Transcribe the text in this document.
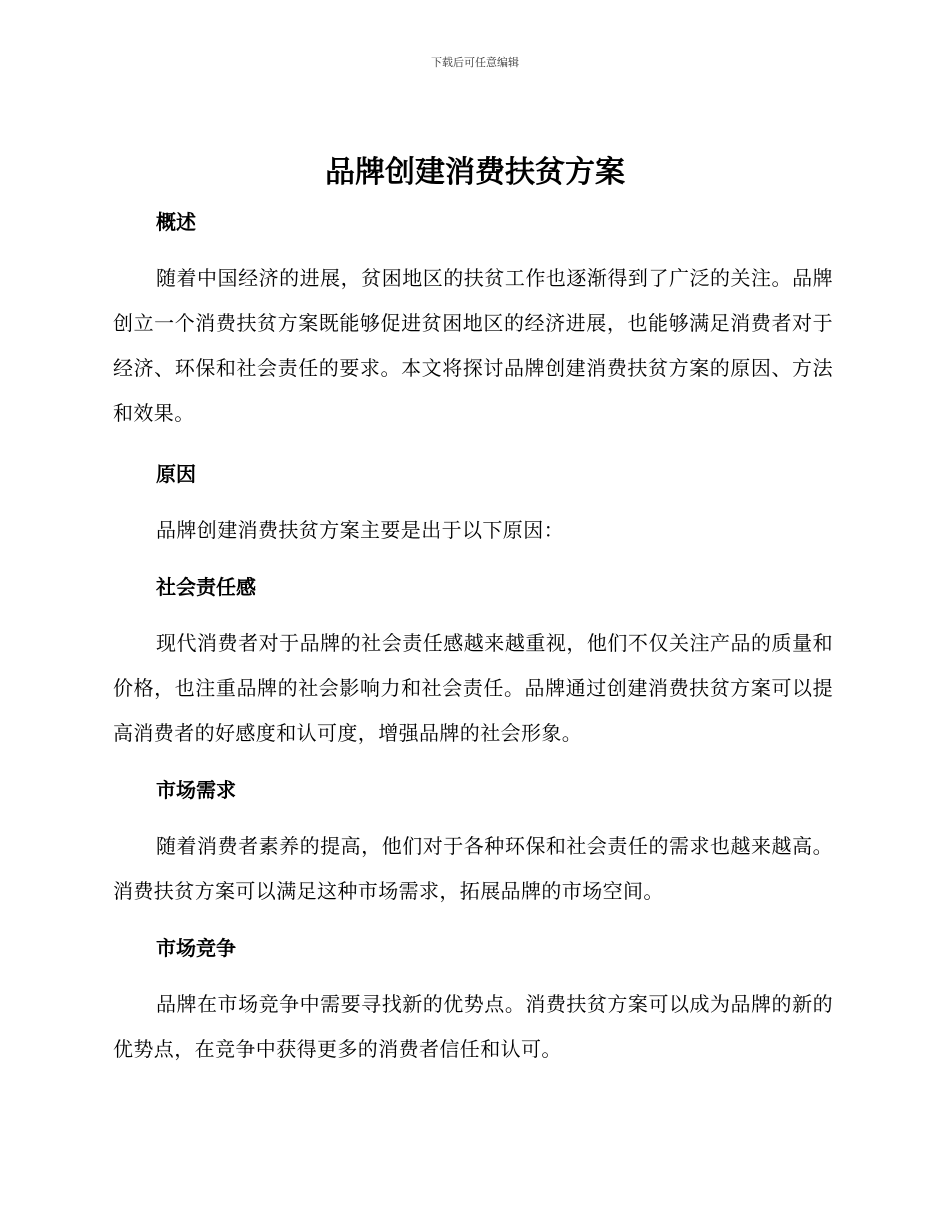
下载后可任意编辑
品牌创建消费扶贫方案
概述

随着中国经济的进展，贫困地区的扶贫工作也逐渐得到了广泛的关注。品牌创立一个消费扶贫方案既能够促进贫困地区的经济进展，也能够满足消费者对于经济、环保和社会责任的要求。本文将探讨品牌创建消费扶贫方案的原因、方法和效果。

原因

品牌创建消费扶贫方案主要是出于以下原因：

社会责任感

现代消费者对于品牌的社会责任感越来越重视，他们不仅关注产品的质量和价格，也注重品牌的社会影响力和社会责任。品牌通过创建消费扶贫方案可以提高消费者的好感度和认可度，增强品牌的社会形象。

市场需求

随着消费者素养的提高，他们对于各种环保和社会责任的需求也越来越高。消费扶贫方案可以满足这种市场需求，拓展品牌的市场空间。

市场竞争

品牌在市场竞争中需要寻找新的优势点。消费扶贫方案可以成为品牌的新的优势点，在竞争中获得更多的消费者信任和认可。
